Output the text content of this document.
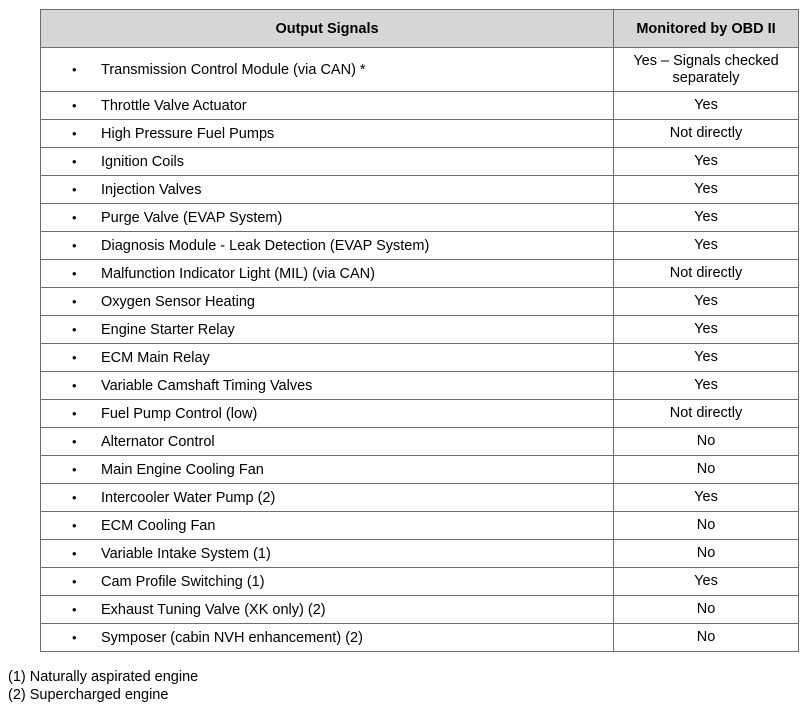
Output Signals	Monitored by OBD II

• Transmission Control Module (via CAN) *	Yes – Signals checked separately

• Throttle Valve Actuator	Yes

• High Pressure Fuel Pumps	Not directly

• Ignition Coils	Yes

• Injection Valves	Yes

• Purge Valve (EVAP System)	Yes

• Diagnosis Module - Leak Detection (EVAP System)	Yes

• Malfunction Indicator Light (MIL) (via CAN)	Not directly

• Oxygen Sensor Heating	Yes

• Engine Starter Relay	Yes

• ECM Main Relay	Yes

• Variable Camshaft Timing Valves	Yes

• Fuel Pump Control (low)	Not directly

• Alternator Control	No

• Main Engine Cooling Fan	No

• Intercooler Water Pump (2)	Yes

• ECM Cooling Fan	No

• Variable Intake System (1)	No

• Cam Profile Switching (1)	Yes

• Exhaust Tuning Valve (XK only) (2)	No

• Symposer (cabin NVH enhancement) (2)	No
(1) Naturally aspirated engine
(2) Supercharged engine
